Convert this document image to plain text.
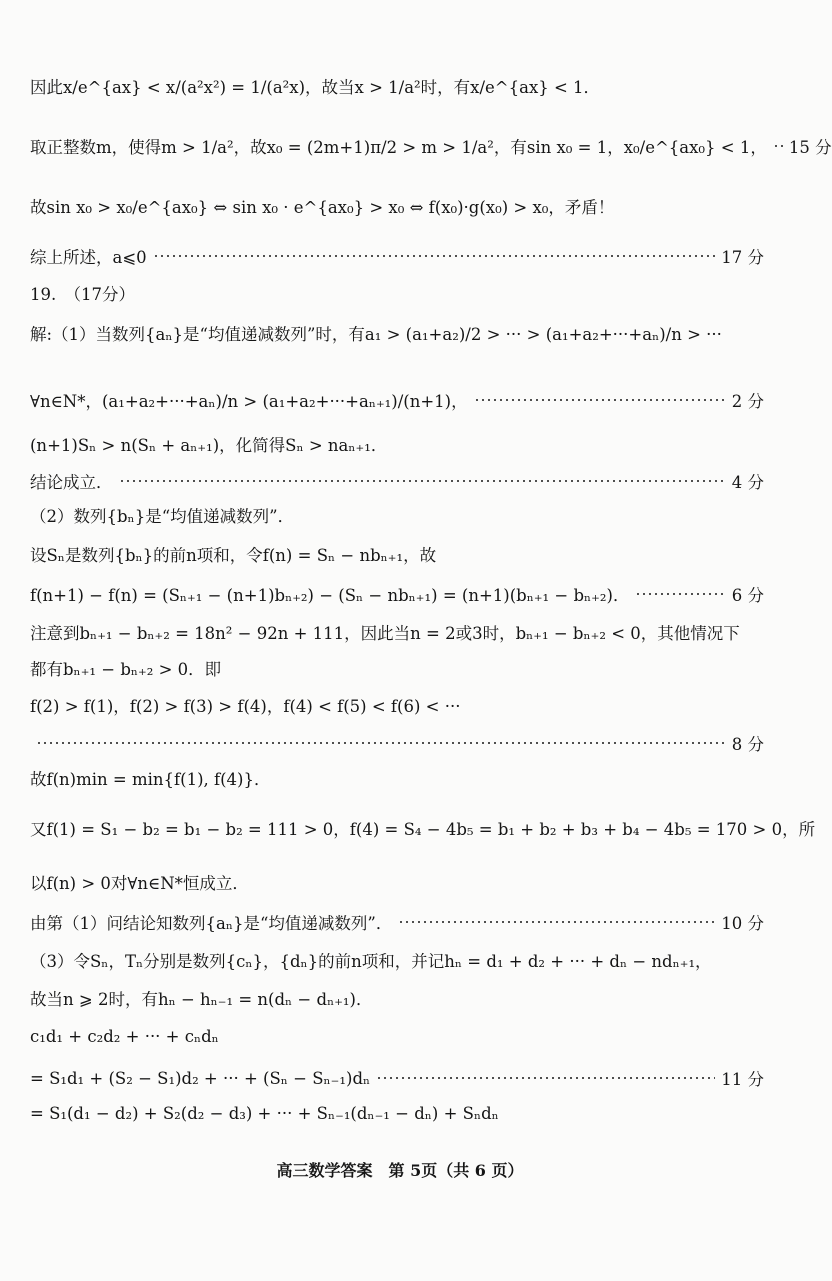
因此x/e^{ax} < x/(a²x²) = 1/(a²x)，故当x > 1/a²时，有x/e^{ax} < 1．
取正整数m，使得m > 1/a²，故x₀ = (2m+1)π/2 > m > 1/a²，有sin x₀ = 1，x₀/e^{ax₀} < 1， 15 分
故sin x₀ > x₀/e^{ax₀} ⇔ sin x₀ · e^{ax₀} > x₀ ⇔ f(x₀)·g(x₀) > x₀，矛盾！
综上所述，a⩽0	17 分
19.　（17分）
解:（1）当数列{aₙ}是“均值递减数列”时，有a₁ > (a₁+a₂)/2 > ··· > (a₁+a₂+···+aₙ)/n > ···
∀n∈N*，(a₁+a₂+···+aₙ)/n > (a₁+a₂+···+aₙ₊₁)/(n+1)，	2 分
(n+1)Sₙ > n(Sₙ + aₙ₊₁)，化简得Sₙ > naₙ₊₁．
结论成立．	4 分
（2）数列{bₙ}是“均值递减数列”．
设Sₙ是数列{bₙ}的前n项和，令f(n) = Sₙ − nbₙ₊₁，故
f(n+1) − f(n) = (Sₙ₊₁ − (n+1)bₙ₊₂) − (Sₙ − nbₙ₊₁) = (n+1)(bₙ₊₁ − bₙ₊₂)．	6 分
注意到bₙ₊₁ − bₙ₊₂ = 18n² − 92n + 111，因此当n = 2或3时，bₙ₊₁ − bₙ₊₂ < 0，其他情况下
都有bₙ₊₁ − bₙ₊₂ > 0．即
f(2) > f(1)，f(2) > f(3) > f(4)，f(4) < f(5) < f(6) < ···
8 分
故f(n)min = min{f(1), f(4)}．
又f(1) = S₁ − b₂ = b₁ − b₂ = 111 > 0，f(4) = S₄ − 4b₅ = b₁ + b₂ + b₃ + b₄ − 4b₅ = 170 > 0，所
以f(n) > 0对∀n∈N*恒成立．
由第（1）问结论知数列{aₙ}是“均值递减数列”．	10 分
（3）令Sₙ，Tₙ分别是数列{cₙ}，{dₙ}的前n项和，并记hₙ = d₁ + d₂ + ··· + dₙ − ndₙ₊₁，
故当n ⩾ 2时，有hₙ − hₙ₋₁ = n(dₙ − dₙ₊₁)．
c₁d₁ + c₂d₂ + ··· + cₙdₙ
= S₁d₁ + (S₂ − S₁)d₂ + ··· + (Sₙ − Sₙ₋₁)dₙ	11 分
= S₁(d₁ − d₂) + S₂(d₂ − d₃) + ··· + Sₙ₋₁(dₙ₋₁ − dₙ) + Sₙdₙ
高三数学答案　第 5页（共 6 页）
